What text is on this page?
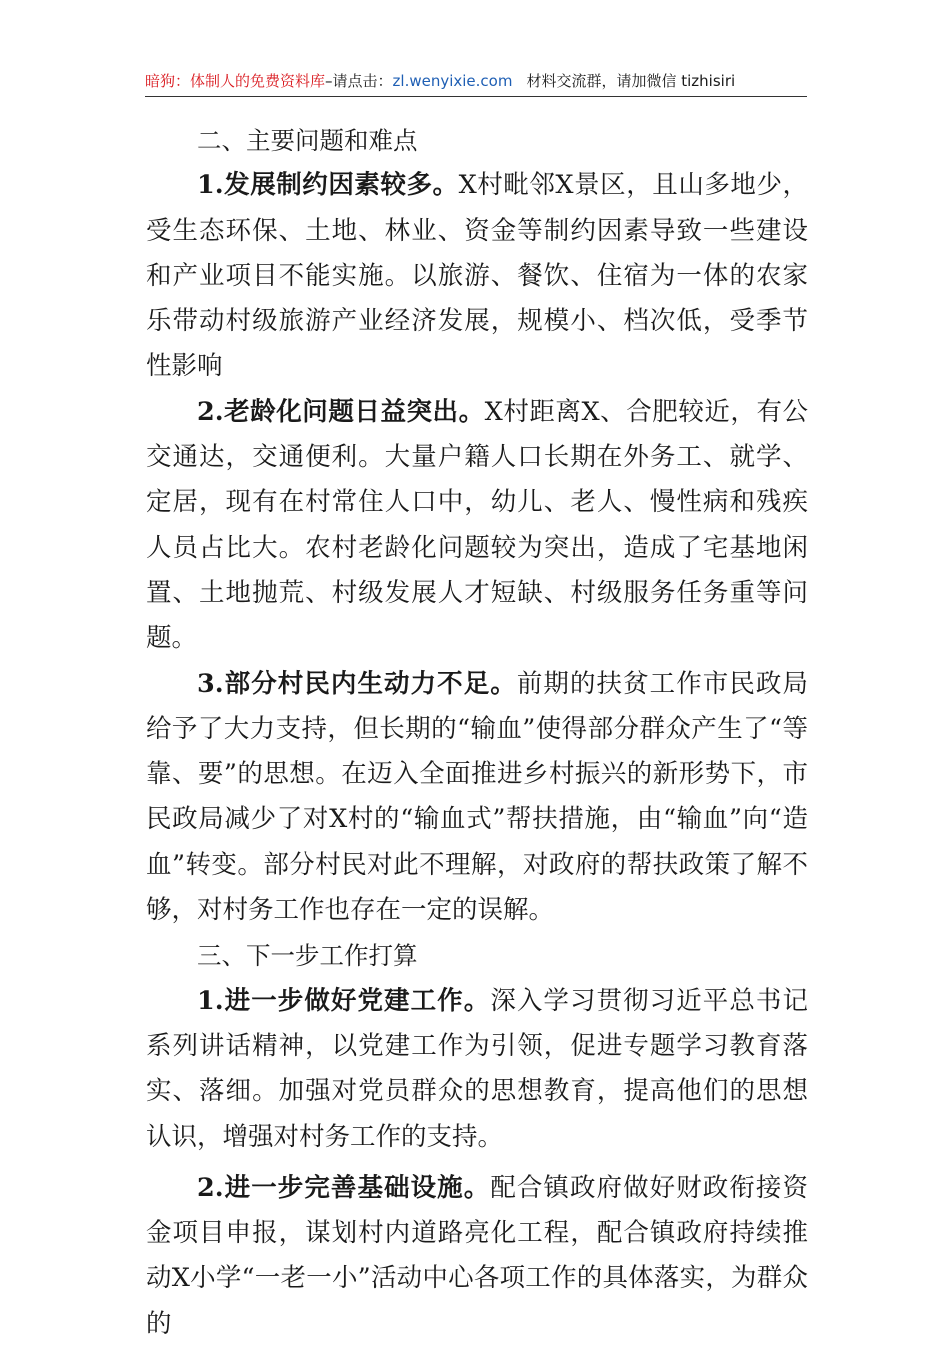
暗狗：体制人的免费资料库–请点击：zl.wenyixie.com 材料交流群，请加微信 tizhisiri

二、主要问题和难点

1.发展制约因素较多。X村毗邻X景区，且山多地少，受生态环保、土地、林业、资金等制约因素导致一些建设和产业项目不能实施。以旅游、餐饮、住宿为一体的农家乐带动村级旅游产业经济发展，规模小、档次低，受季节性影响

2.老龄化问题日益突出。X村距离X、合肥较近，有公交通达，交通便利。大量户籍人口长期在外务工、就学、定居，现有在村常住人口中，幼儿、老人、慢性病和残疾人员占比大。农村老龄化问题较为突出，造成了宅基地闲置、土地抛荒、村级发展人才短缺、村级服务任务重等问题。

3.部分村民内生动力不足。前期的扶贫工作市民政局给予了大力支持，但长期的“输血”使得部分群众产生了“等靠、要”的思想。在迈入全面推进乡村振兴的新形势下，市民政局减少了对X村的“输血式”帮扶措施，由“输血”向“造血”转变。部分村民对此不理解，对政府的帮扶政策了解不够，对村务工作也存在一定的误解。

三、下一步工作打算

1.进一步做好党建工作。深入学习贯彻习近平总书记系列讲话精神，以党建工作为引领，促进专题学习教育落实、落细。加强对党员群众的思想教育，提高他们的思想认识，增强对村务工作的支持。

2.进一步完善基础设施。配合镇政府做好财政衔接资金项目申报，谋划村内道路亮化工程，配合镇政府持续推动X小学“一老一小”活动中心各项工作的具体落实，为群众的
